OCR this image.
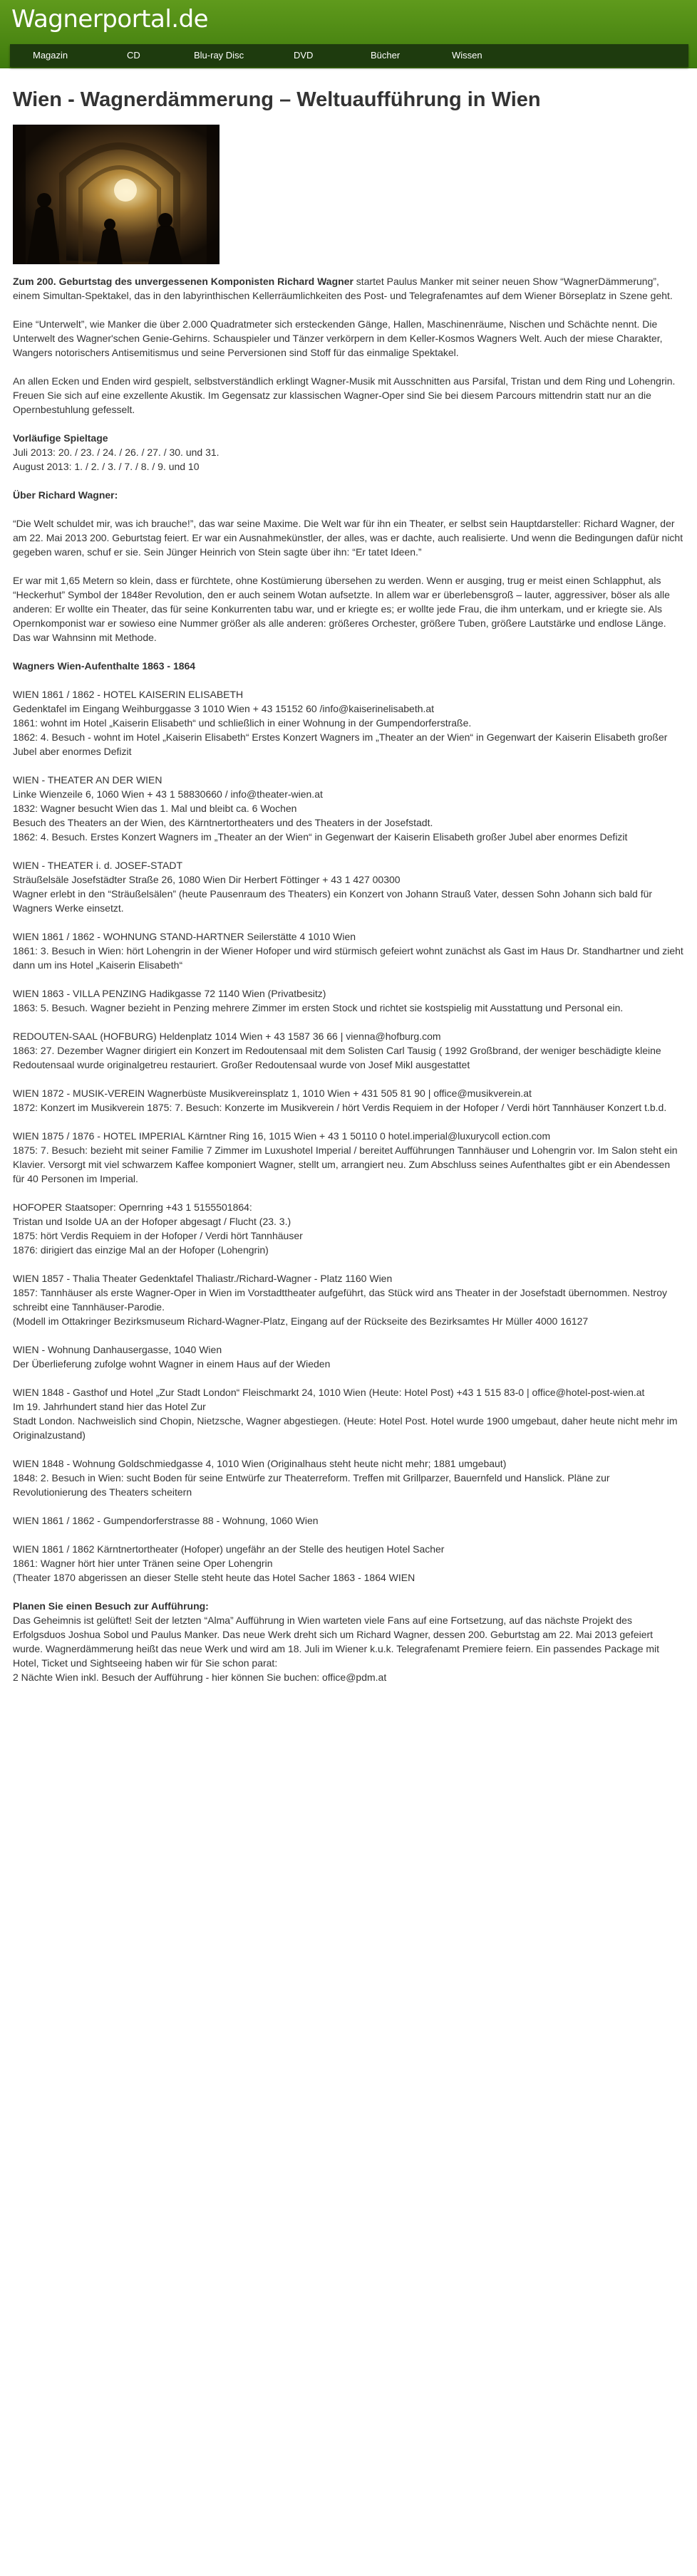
Wagnerportal.de
Magazin	CD	Blu-ray Disc	DVD	Bücher	Wissen
Wien - Wagnerdämmerung – Weltuaufführung in Wien

Zum 200. Geburtstag des unvergessenen Komponisten Richard Wagner startet Paulus Manker mit seiner neuen Show “WagnerDämmerung”, einem Simultan-Spektakel, das in den labyrinthischen Kellerräumlichkeiten des Post- und Telegrafenamtes auf dem Wiener Börseplatz in Szene geht.

Eine “Unterwelt”, wie Manker die über 2.000 Quadratmeter sich ersteckenden Gänge, Hallen, Maschinenräume, Nischen und Schächte nennt. Die Unterwelt des Wagner'schen Genie-Gehirns. Schauspieler und Tänzer verkörpern in dem Keller-Kosmos Wagners Welt. Auch der miese Charakter, Wangers notorischers Antisemitismus und seine Perversionen sind Stoff für das einmalige Spektakel.

An allen Ecken und Enden wird gespielt, selbstverständlich erklingt Wagner-Musik mit Ausschnitten aus Parsifal, Tristan und dem Ring und Lohengrin. Freuen Sie sich auf eine exzellente Akustik. Im Gegensatz zur klassischen Wagner-Oper sind Sie bei diesem Parcours mittendrin statt nur an die Opernbestuhlung gefesselt.

Vorläufige Spieltage
Juli 2013: 20. / 23. / 24. / 26. / 27. / 30. und 31.
August 2013: 1. / 2. / 3. / 7. / 8. / 9. und 10

Über Richard Wagner:

“Die Welt schuldet mir, was ich brauche!”, das war seine Maxime. Die Welt war für ihn ein Theater, er selbst sein Hauptdarsteller: Richard Wagner, der am 22. Mai 2013 200. Geburtstag feiert. Er war ein Ausnahmekünstler, der alles, was er dachte, auch realisierte. Und wenn die Bedingungen dafür nicht gegeben waren, schuf er sie. Sein Jünger Heinrich von Stein sagte über ihn: “Er tatet Ideen.”

Er war mit 1,65 Metern so klein, dass er fürchtete, ohne Kostümierung übersehen zu werden. Wenn er ausging, trug er meist einen Schlapphut, als “Heckerhut” Symbol der 1848er Revolution, den er auch seinem Wotan aufsetzte. In allem war er überlebensgroß – lauter, aggressiver, böser als alle anderen: Er wollte ein Theater, das für seine Konkurrenten tabu war, und er kriegte es; er wollte jede Frau, die ihm unterkam, und er kriegte sie. Als Opernkomponist war er sowieso eine Nummer größer als alle anderen: größeres Orchester, größere Tuben, größere Lautstärke und endlose Länge. Das war Wahnsinn mit Methode.

Wagners Wien-Aufenthalte 1863 - 1864

WIEN 1861 / 1862 - HOTEL KAISERIN ELISABETH
Gedenktafel im Eingang Weihburggasse 3 1010 Wien + 43 15152 60 /info@kaiserinelisabeth.at
1861: wohnt im Hotel „Kaiserin Elisabeth“ und schließlich in einer Wohnung in der Gumpendorferstraße.
1862: 4. Besuch - wohnt im Hotel „Kaiserin Elisabeth“ Erstes Konzert Wagners im „Theater an der Wien“ in Gegenwart der Kaiserin Elisabeth großer Jubel aber enormes Defizit

WIEN - THEATER AN DER WIEN
Linke Wienzeile 6, 1060 Wien + 43 1 58830660 / info@theater-wien.at
1832: Wagner besucht Wien das 1. Mal und bleibt ca. 6 Wochen
Besuch des Theaters an der Wien, des Kärntnertortheaters und des Theaters in der Josefstadt.
1862: 4. Besuch. Erstes Konzert Wagners im „Theater an der Wien“ in Gegenwart der Kaiserin Elisabeth großer Jubel aber enormes Defizit

WIEN - THEATER i. d. JOSEF-STADT
Sträußelsäle Josefstädter Straße 26, 1080 Wien Dir Herbert Föttinger + 43 1 427 00300
Wagner erlebt in den “Sträußelsälen” (heute Pausenraum des Theaters) ein Konzert von Johann Strauß Vater, dessen Sohn Johann sich bald für Wagners Werke einsetzt.

WIEN 1861 / 1862 - WOHNUNG STAND-HARTNER Seilerstätte 4 1010 Wien
1861: 3. Besuch in Wien: hört Lohengrin in der Wiener Hofoper und wird stürmisch gefeiert wohnt zunächst als Gast im Haus Dr. Standhartner und zieht dann um ins Hotel „Kaiserin Elisabeth“

WIEN 1863 - VILLA PENZING Hadikgasse 72 1140 Wien (Privatbesitz)
1863: 5. Besuch. Wagner bezieht in Penzing mehrere Zimmer im ersten Stock und richtet sie kostspielig mit Ausstattung und Personal ein.

REDOUTEN-SAAL (HOFBURG) Heldenplatz 1014 Wien + 43 1587 36 66 | vienna@hofburg.com
1863: 27. Dezember Wagner dirigiert ein Konzert im Redoutensaal mit dem Solisten Carl Tausig ( 1992 Großbrand, der weniger beschädigte kleine Redoutensaal wurde originalgetreu restauriert. Großer Redoutensaal wurde von Josef Mikl ausgestattet

WIEN 1872 - MUSIK-VEREIN Wagnerbüste Musikvereinsplatz 1, 1010 Wien + 431 505 81 90 | office@musikverein.at
1872: Konzert im Musikverein 1875: 7. Besuch: Konzerte im Musikverein / hört Verdis Requiem in der Hofoper / Verdi hört Tannhäuser Konzert t.b.d.

WIEN 1875 / 1876 - HOTEL IMPERIAL Kärntner Ring 16, 1015 Wien + 43 1 50110 0 hotel.imperial@luxurycoll ection.com
1875: 7. Besuch: bezieht mit seiner Familie 7 Zimmer im Luxushotel Imperial / bereitet Aufführungen Tannhäuser und Lohengrin vor. Im Salon steht ein Klavier. Versorgt mit viel schwarzem Kaffee komponiert Wagner, stellt um, arrangiert neu. Zum Abschluss seines Aufenthaltes gibt er ein Abendessen für 40 Personen im Imperial.

HOFOPER Staatsoper: Opernring +43 1 5155501864:
Tristan und Isolde UA an der Hofoper abgesagt / Flucht (23. 3.)
1875: hört Verdis Requiem in der Hofoper / Verdi hört Tannhäuser
1876: dirigiert das einzige Mal an der Hofoper (Lohengrin)

WIEN 1857 - Thalia Theater Gedenktafel Thaliastr./Richard-Wagner - Platz 1160 Wien
1857: Tannhäuser als erste Wagner-Oper in Wien im Vorstadttheater aufgeführt, das Stück wird ans Theater in der Josefstadt übernommen. Nestroy schreibt eine Tannhäuser-Parodie.
(Modell im Ottakringer Bezirksmuseum Richard-Wagner-Platz, Eingang auf der Rückseite des Bezirksamtes Hr Müller 4000 16127

WIEN - Wohnung Danhausergasse, 1040 Wien
Der Überlieferung zufolge wohnt Wagner in einem Haus auf der Wieden

WIEN 1848 - Gasthof und Hotel „Zur Stadt London“ Fleischmarkt 24, 1010 Wien (Heute: Hotel Post) +43 1 515 83-0 | office@hotel-post-wien.at
Im 19. Jahrhundert stand hier das Hotel Zur
Stadt London. Nachweislich sind Chopin, Nietzsche, Wagner abgestiegen. (Heute: Hotel Post. Hotel wurde 1900 umgebaut, daher heute nicht mehr im Originalzustand)

WIEN 1848 - Wohnung Goldschmiedgasse 4, 1010 Wien (Originalhaus steht heute nicht mehr; 1881 umgebaut)
1848: 2. Besuch in Wien: sucht Boden für seine Entwürfe zur Theaterreform. Treffen mit Grillparzer, Bauernfeld und Hanslick. Pläne zur Revolutionierung des Theaters scheitern

WIEN 1861 / 1862 - Gumpendorferstrasse 88 - Wohnung, 1060 Wien

WIEN 1861 / 1862 Kärntnertortheater (Hofoper) ungefähr an der Stelle des heutigen Hotel Sacher
1861: Wagner hört hier unter Tränen seine Oper Lohengrin
(Theater 1870 abgerissen an dieser Stelle steht heute das Hotel Sacher 1863 - 1864 WIEN

Planen Sie einen Besuch zur Aufführung:
Das Geheimnis ist gelüftet! Seit der letzten “Alma” Aufführung in Wien warteten viele Fans auf eine Fortsetzung, auf das nächste Projekt des Erfolgsduos Joshua Sobol und Paulus Manker. Das neue Werk dreht sich um Richard Wagner, dessen 200. Geburtstag am 22. Mai 2013 gefeiert wurde. Wagnerdämmerung heißt das neue Werk und wird am 18. Juli im Wiener k.u.k. Telegrafenamt Premiere feiern. Ein passendes Package mit Hotel, Ticket und Sightseeing haben wir für Sie schon parat:
2 Nächte Wien inkl. Besuch der Aufführung - hier können Sie buchen: office@pdm.at
